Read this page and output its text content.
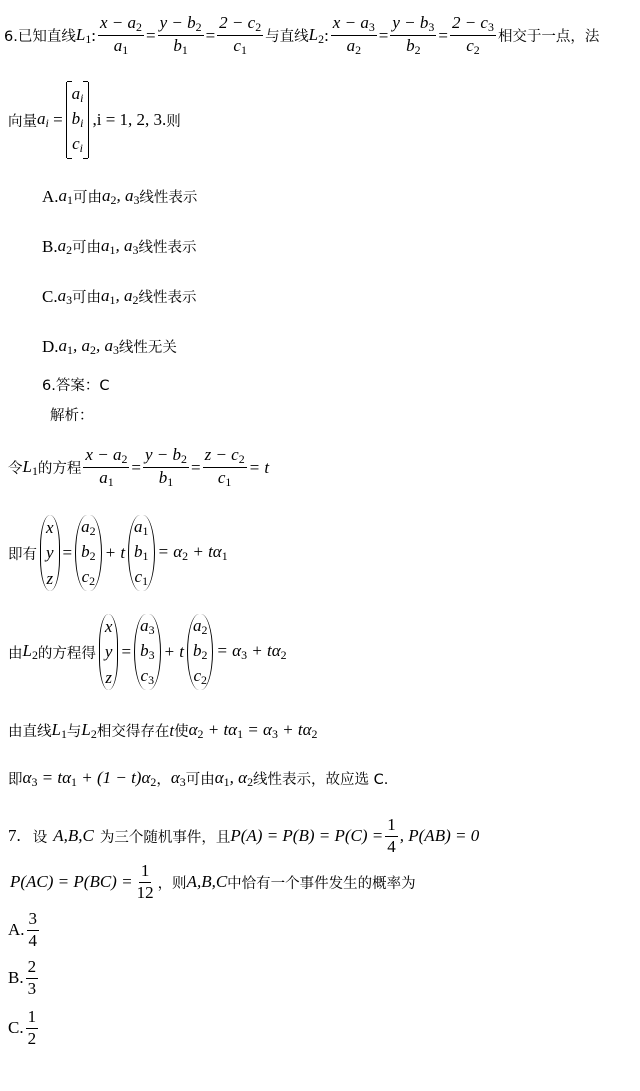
6.已知直线 $L_1$ : $\frac{x - a_2}{a_1} = \frac{y - b_2}{b_1} = \frac{2 - c_2}{c_1}$ 与直线 $L_2$ : $\frac{x - a_3}{a_2} = \frac{y - b_3}{b_2} = \frac{2 - c_3}{c_2}$ 相交于一点，法
向量 $a_i$ =
$a_i$
$b_i$
$c_i$
,i = 1, 2, 3. 则
A. $a_1$ 可由 $a_2$, $a_3$ 线性表示
B. $a_2$ 可由 $a_1$, $a_3$ 线性表示
C. $a_3$ 可由 $a_1$, $a_2$ 线性表示
D. $a_1$, $a_2$, $a_3$ 线性无关
6.答案：C
解析：
令 $L_1$ 的方程 $\frac{x - a_2}{a_1} = \frac{y - b_2}{b_1} = \frac{z - c_2}{c_1} = t$
即有
x
y
z
=
$a_2$
$b_2$
$c_2$
+ t
$a_1$
$b_1$
$c_1$
= $\alpha_2 + t\alpha_1$
由 $L_2$ 的方程得
x
y
z
=
$a_3$
$b_3$
$c_3$
+ t
$a_2$
$b_2$
$c_2$
= $\alpha_3 + t\alpha_2$
由直线 $L_1$ 与 $L_2$ 相交得存在 t 使 $\alpha_2 + t\alpha_1 = \alpha_3 + t\alpha_2$
即 $\alpha_3 = t\alpha_1 + (1 - t)\alpha_2$ ， $\alpha_3$ 可由 $\alpha_1$, $\alpha_2$ 线性表示，故应选 C.
7. 设 A,B,C 为三个随机事件，且 $P(A) = P(B) = P(C) = \frac{1}{4}$ , P(AB) = 0
$P(AC) = P(BC) = \frac{1}{12}$ ，则 A,B,C 中恰有一个事件发生的概率为
A. $\frac{3}{4}$
B. $\frac{2}{3}$
C. $\frac{1}{2}$
